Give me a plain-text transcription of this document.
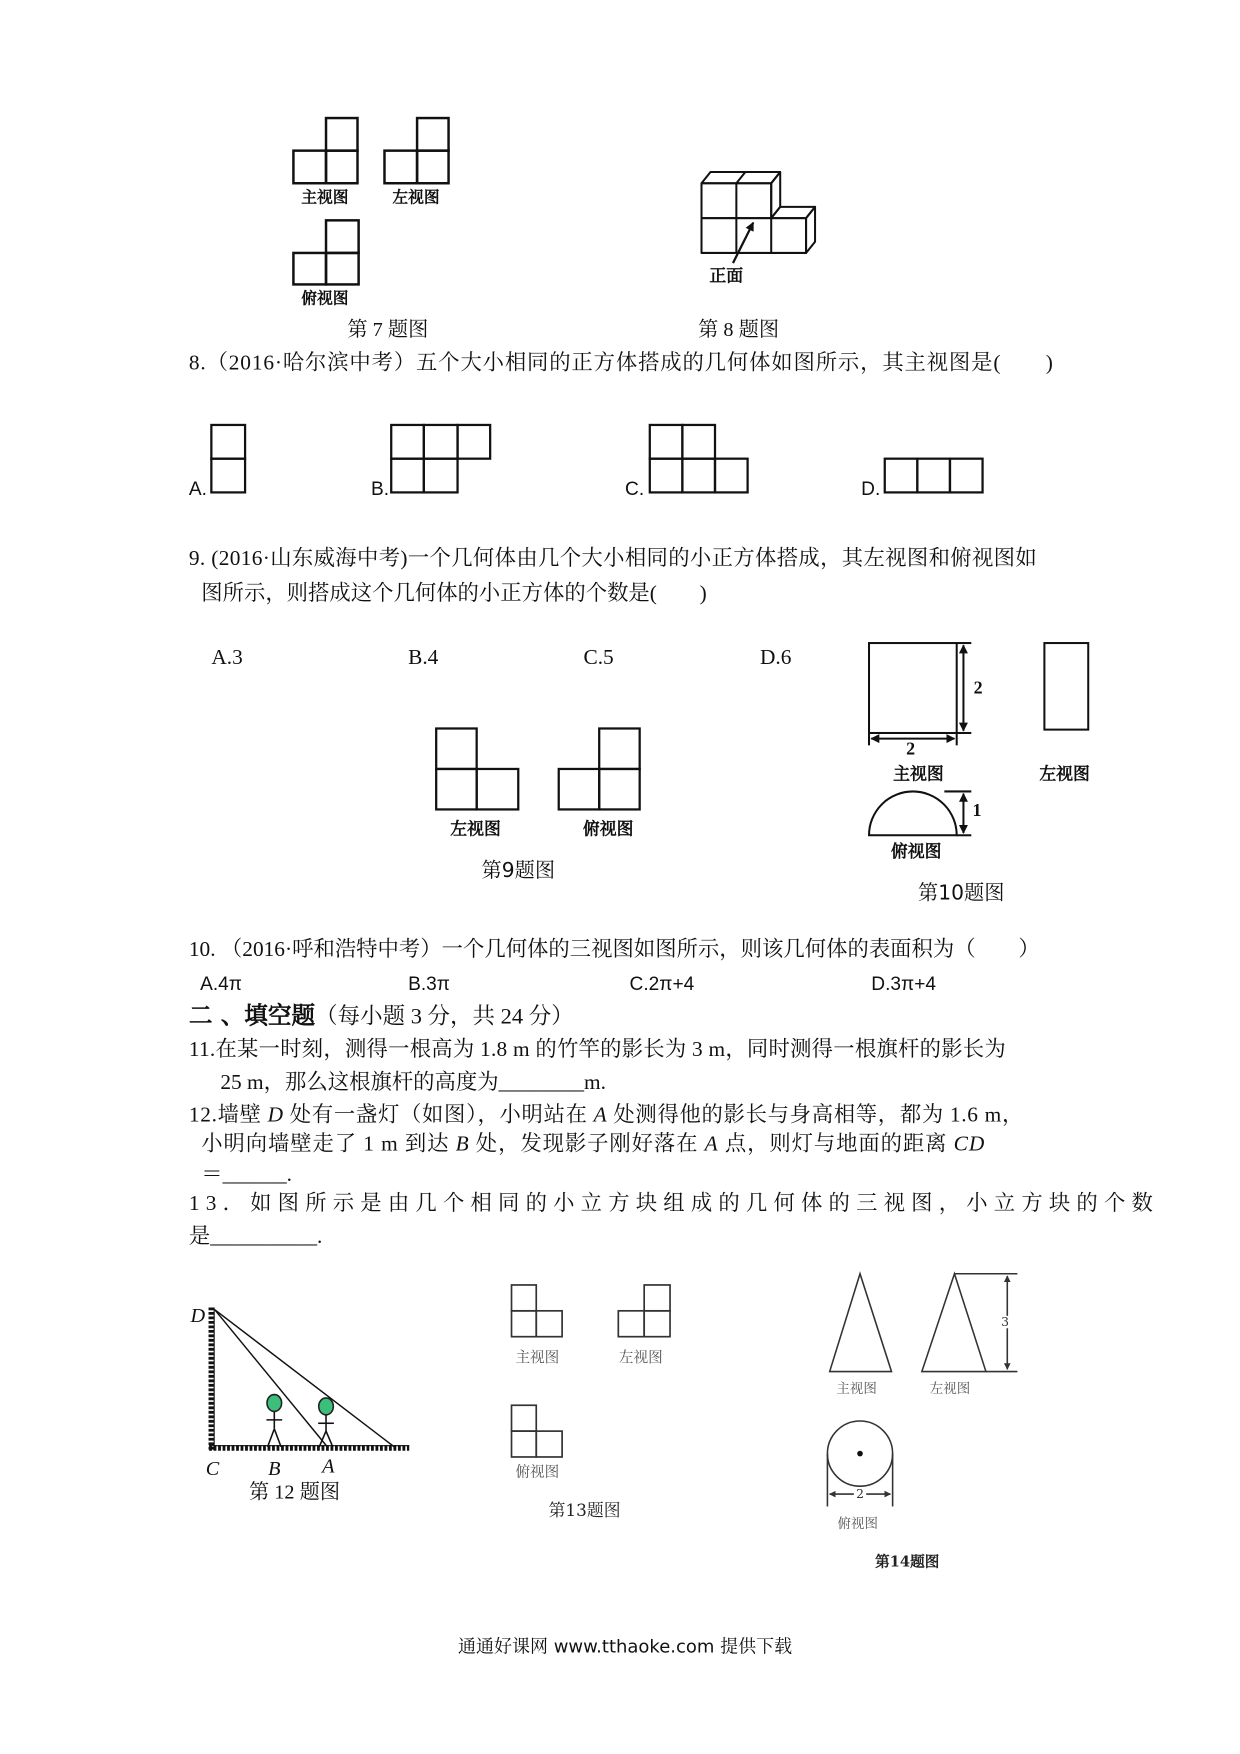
主视图	左视图
俯视图
第 7 题图
正面
第 8 题图
8.（2016·哈尔滨中考）五个大小相同的正方体搭成的几何体如图所示，其主视图是(　　)
A.	B.	C.	D.
9. (2016·山东威海中考)一个几何体由几个大小相同的小正方体搭成，其左视图和俯视图如
图所示，则搭成这个几何体的小正方体的个数是(　　)
A.3	B.4	C.5	D.6
左视图	俯视图
第9题图
2
2
主视图	左视图
1
俯视图
第10题图
10. （2016·呼和浩特中考）一个几何体的三视图如图所示，则该几何体的表面积为（　　）
A.4π	B.3π	C.2π+4	D.3π+4
二 、填空题（每小题 3 分，共 24 分）
11.在某一时刻，测得一根高为 1.8 m 的竹竿的影长为 3 m，同时测得一根旗杆的影长为
25 m，那么这根旗杆的高度为________m.
12.墙壁 D 处有一盏灯（如图），小明站在 A 处测得他的影长与身高相等，都为 1.6 m，
小明向墙壁走了 1 m 到达 B 处，发现影子刚好落在 A 点，则灯与地面的距离 CD
＝______.
13．如图所示是由几个相同的小立方块组成的几何体的三视图，小立方块的个数
是__________.
D
C	B A
第 12 题图
主视图	左视图
俯视图
第13题图
3
主视图	左视图
2
俯视图
第14题图
通通好课网 www.tthaoke.com 提供下载
